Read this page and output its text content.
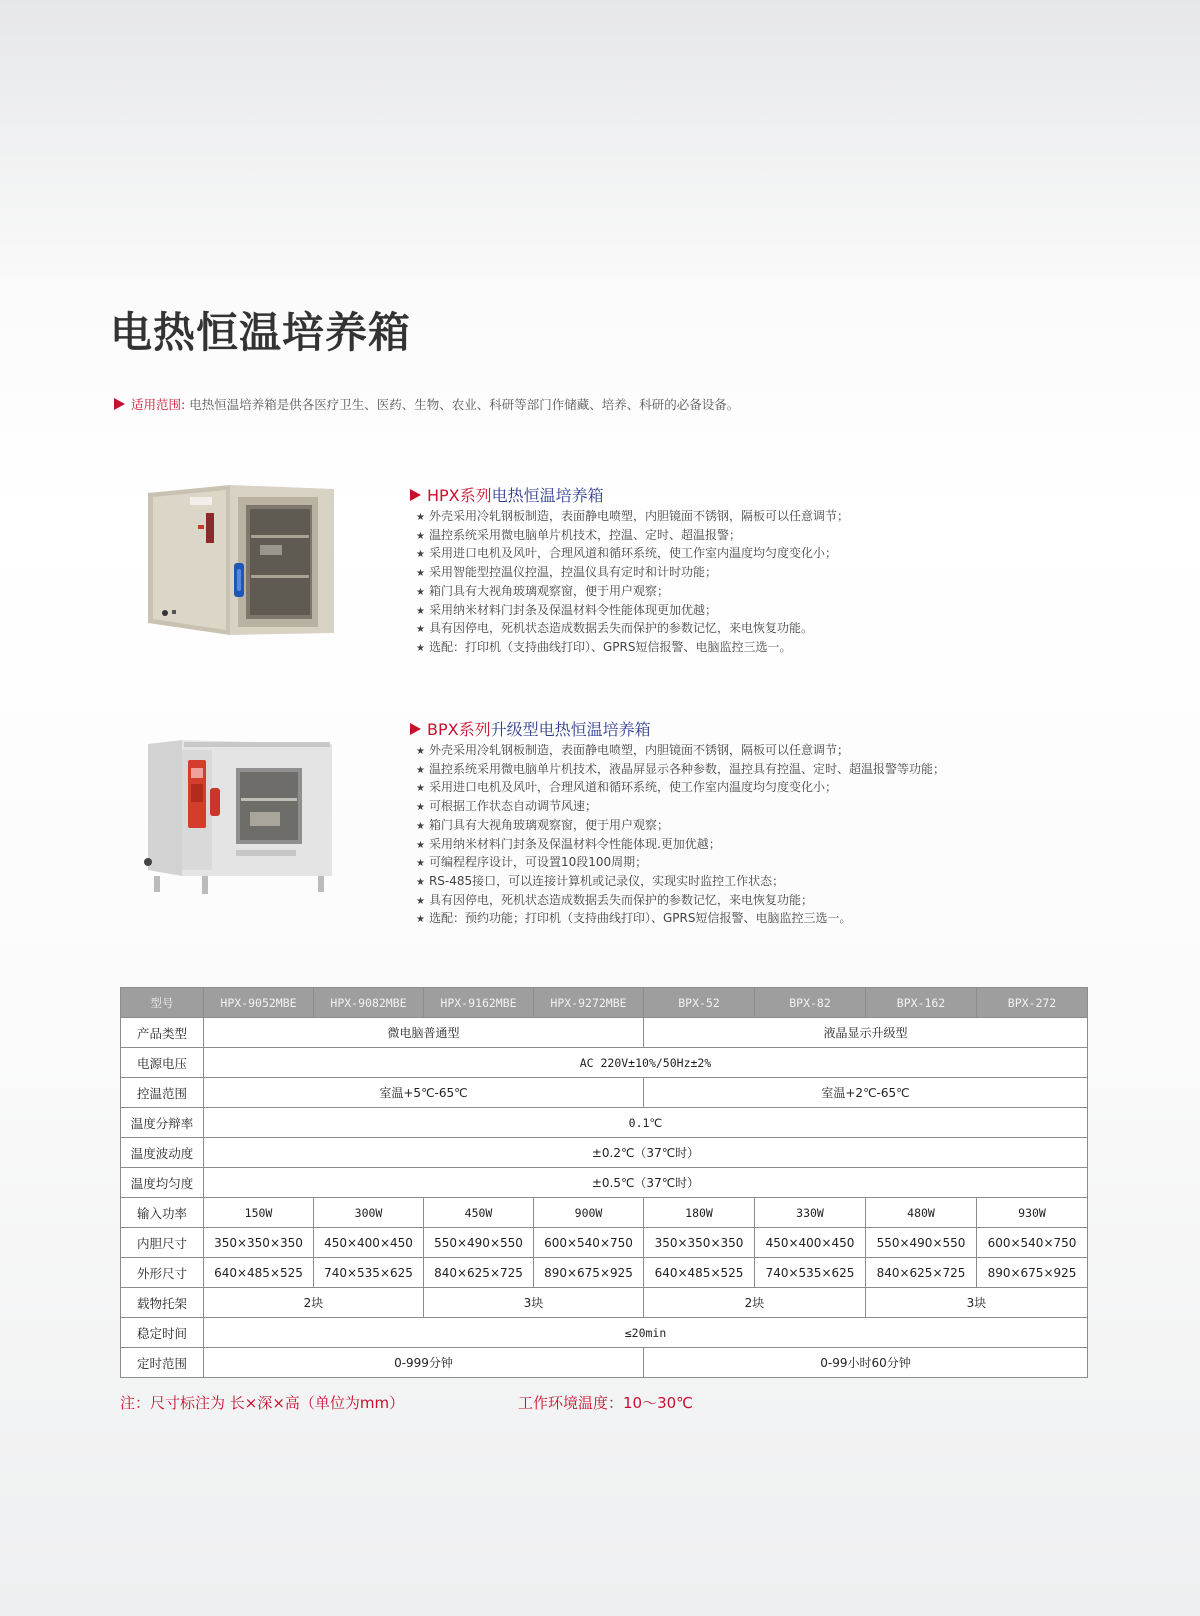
电热恒温培养箱
适用范围: 电热恒温培养箱是供各医疗卫生、医药、生物、农业、科研等部门作储藏、培养、科研的必备设备。
HPX系列 电热恒温培养箱
★ 外壳采用冷轧钢板制造，表面静电喷塑，内胆镜面不锈钢，隔板可以任意调节；
★ 温控系统采用微电脑单片机技术，控温、定时、超温报警；
★ 采用进口电机及风叶，合理风道和循环系统，使工作室内温度均匀度变化小；
★ 采用智能型控温仪控温，控温仪具有定时和计时功能；
★ 箱门具有大视角玻璃观察窗，便于用户观察；
★ 采用纳米材料门封条及保温材料令性能体现更加优越；
★ 具有因停电，死机状态造成数据丢失而保护的参数记忆，来电恢复功能。
★ 选配：打印机（支持曲线打印）、GPRS短信报警、电脑监控三选一。
BPX系列 升级型电热恒温培养箱
★ 外壳采用冷轧钢板制造，表面静电喷塑，内胆镜面不锈钢，隔板可以任意调节；
★ 温控系统采用微电脑单片机技术，液晶屏显示各种参数，温控具有控温、定时、超温报警等功能；
★ 采用进口电机及风叶，合理风道和循环系统，使工作室内温度均匀度变化小；
★ 可根据工作状态自动调节风速；
★ 箱门具有大视角玻璃观察窗，便于用户观察；
★ 采用纳米材料门封条及保温材料令性能体现.更加优越；
★ 可编程程序设计，可设置10段100周期；
★ RS-485接口，可以连接计算机或记录仪，实现实时监控工作状态；
★ 具有因停电，死机状态造成数据丢失而保护的参数记忆，来电恢复功能；
★ 选配：预约功能；打印机（支持曲线打印）、GPRS短信报警、电脑监控三选一。
型号	HPX-9052MBE	HPX-9082MBE	HPX-9162MBE	HPX-9272MBE	BPX-52	BPX-82	BPX-162	BPX-272
产品类型	微电脑普通型				液晶显示升级型			
电源电压	AC 220V±10%/50Hz±2%							
控温范围	室温+5℃-65℃				室温+2℃-65℃			
温度分辩率	0.1℃							
温度波动度	±0.2℃（37℃时）							
温度均匀度	±0.5℃（37℃时）							
输入功率	150W	300W	450W	900W	180W	330W	480W	930W
内胆尺寸	350×350×350	450×400×450	550×490×550	600×540×750	350×350×350	450×400×450	550×490×550	600×540×750
外形尺寸	640×485×525	740×535×625	840×625×725	890×675×925	640×485×525	740×535×625	840×625×725	890×675×925
载物托架	2块		3块		2块		3块	
稳定时间	≤20min							
定时范围	0-999分钟				0-99小时60分钟			
注：尺寸标注为 长×深×高（单位为mm）	工作环境温度：10～30℃
